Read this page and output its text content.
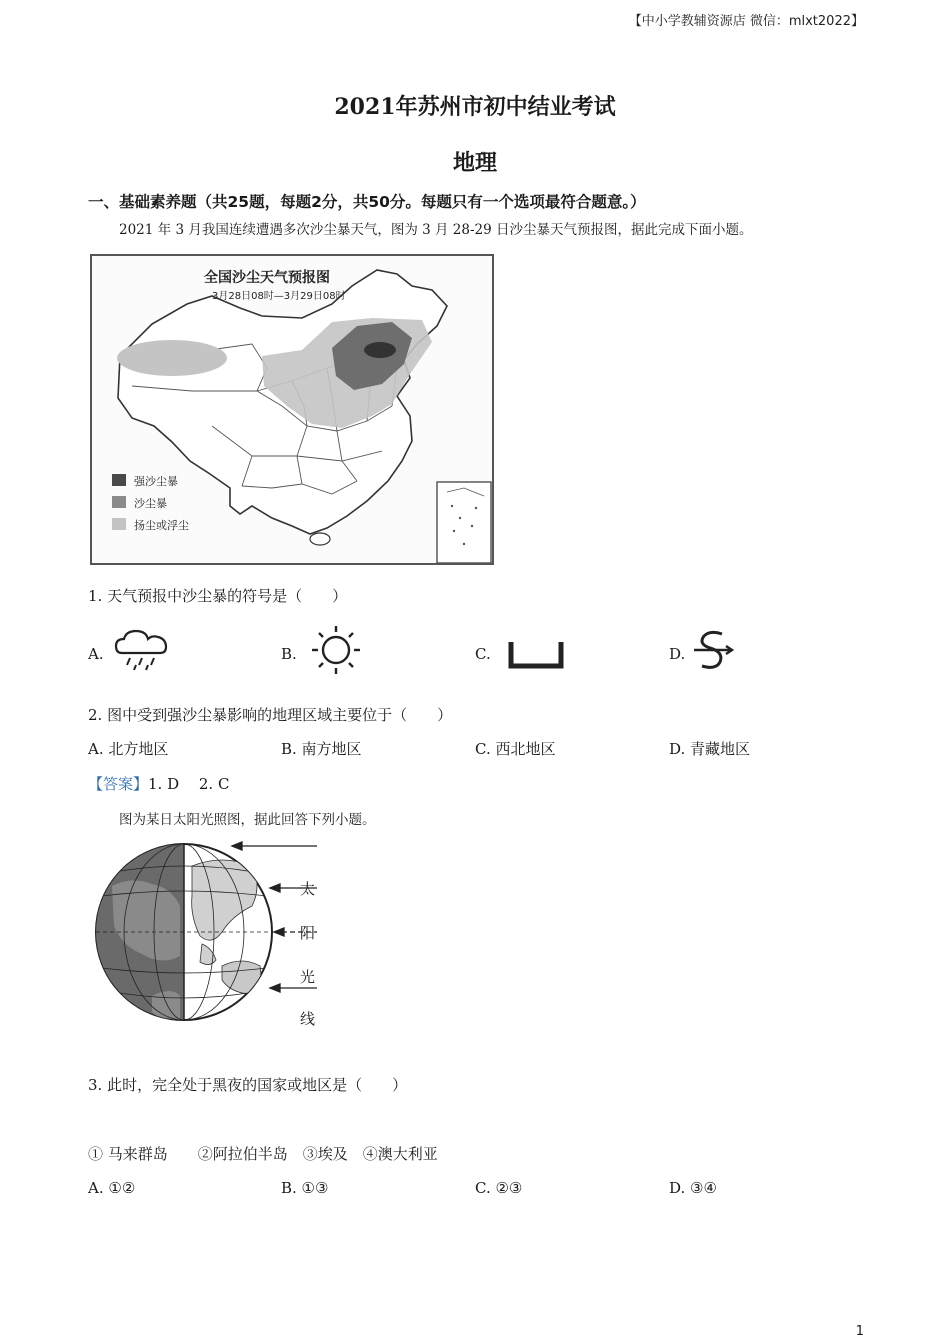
【中小学教辅资源店 微信：mlxt2022】
2021年苏州市初中结业考试
地理
一、基础素养题（共25题，每题2分，共50分。每题只有一个选项最符合题意。）
2021 年 3 月我国连续遭遇多次沙尘暴天气，图为 3 月 28-29 日沙尘暴天气预报图，据此完成下面小题。
全国沙尘天气预报图
3月28日08时—3月29日08时
强沙尘暴
沙尘暴
扬尘或浮尘
1. 天气预报中沙尘暴的符号是（　　）
A.	B.	C.	D.
2. 图中受到强沙尘暴影响的地理区域主要位于（　　）
A. 北方地区	B. 南方地区	C. 西北地区	D. 青藏地区
【答案】1. D　 2. C
图为某日太阳光照图，据此回答下列小题。
太
阳
光
线
3. 此时，完全处于黑夜的国家或地区是（　　）
① 马来群岛　　②阿拉伯半岛　③埃及　④澳大利亚
A. ①②	B. ①③	C. ②③	D. ③④
1
